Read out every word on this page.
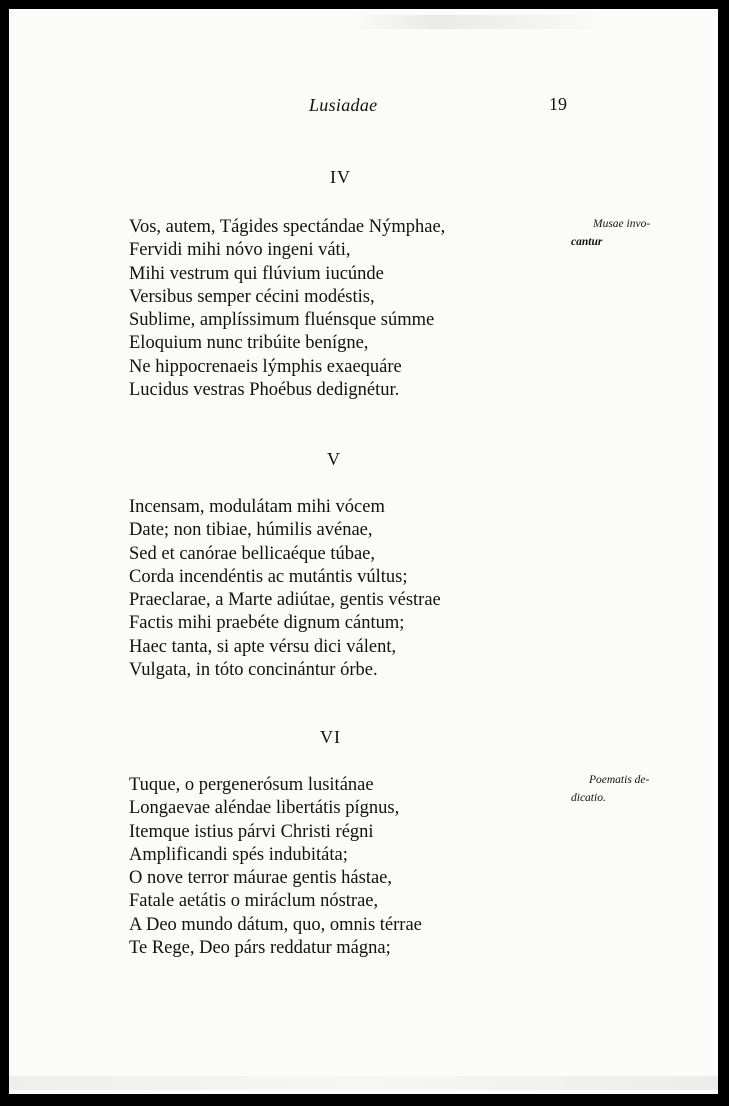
Lusiadae	19
IV
Vos, autem, Tágides spectándae Nýmphae,
Fervidi mihi nóvo ingeni váti,
Mihi vestrum qui flúvium iucúnde
Versibus semper cécini modéstis,
Sublime, amplíssimum fluénsque súmme
Eloquium nunc tribúite benígne,
Ne hippocrenaeis lýmphis exaequáre
Lucidus vestras Phoébus dedignétur.
Musae invo-
cantur
V
Incensam, modulátam mihi vócem
Date; non tibiae, húmilis avénae,
Sed et canórae bellicaéque túbae,
Corda incendéntis ac mutántis vúltus;
Praeclarae, a Marte adiútae, gentis véstrae
Factis mihi praebéte dignum cántum;
Haec tanta, si apte vérsu dici válent,
Vulgata, in tóto concinántur órbe.
VI
Tuque, o pergenerósum lusitánae
Longaevae aléndae libertátis pígnus,
Itemque istius párvi Christi régni
Amplificandi spés indubitáta;
O nove terror máurae gentis hástae,
Fatale aetátis o miráclum nóstrae,
A Deo mundo dátum, quo, omnis térrae
Te Rege, Deo párs reddatur mágna;
Poematis de-
dicatio.
